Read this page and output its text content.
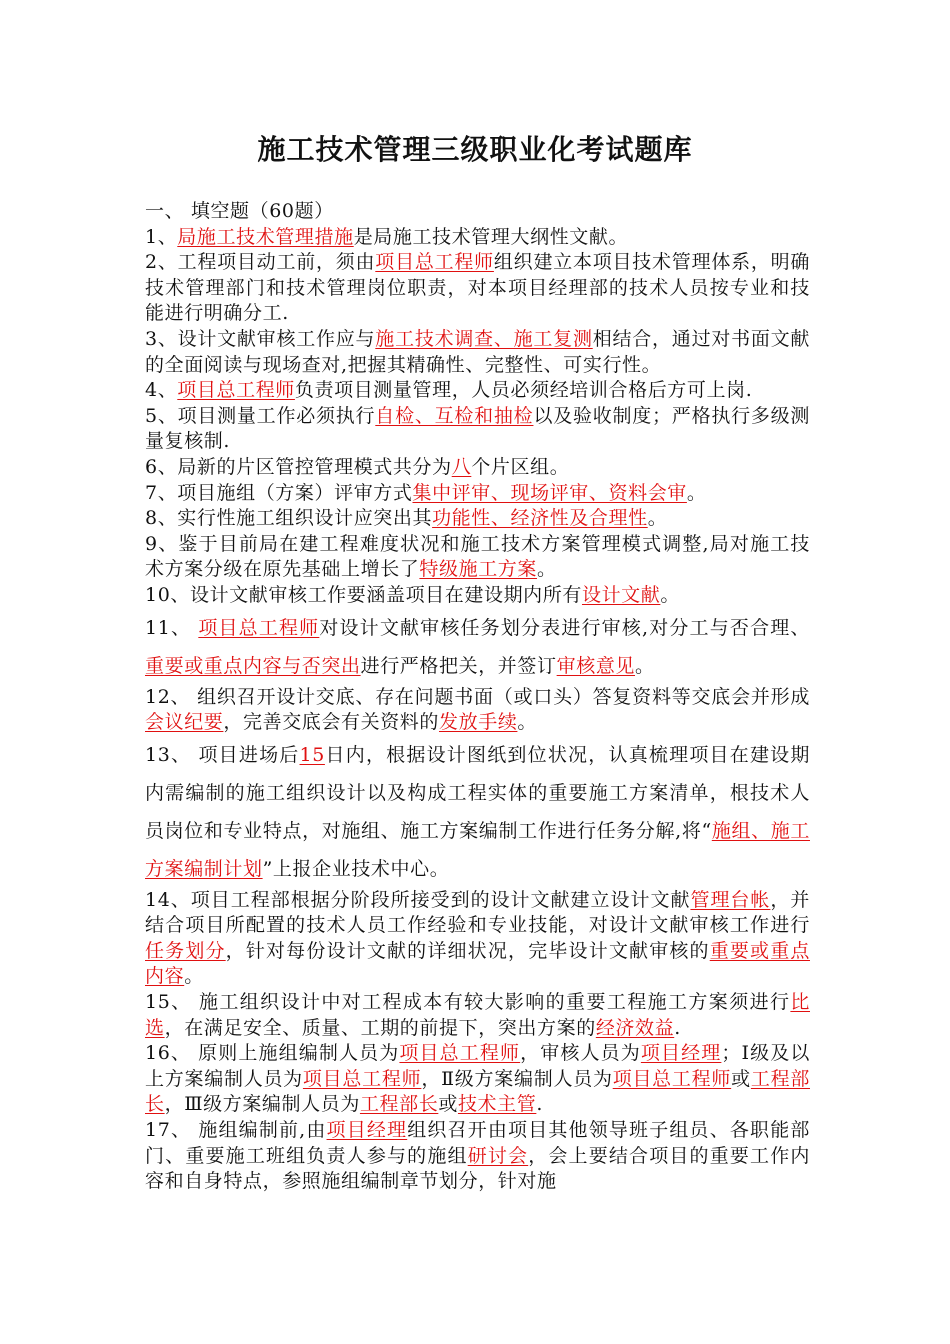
施工技术管理三级职业化考试题库

一、 填空题（60题）

1、局施工技术管理措施是局施工技术管理大纲性文献。

2、工程项目动工前，须由项目总工程师组织建立本项目技术管理体系，明确技术管理部门和技术管理岗位职责，对本项目经理部的技术人员按专业和技能进行明确分工.

3、设计文献审核工作应与施工技术调查、施工复测相结合，通过对书面文献的全面阅读与现场查对,把握其精确性、完整性、可实行性。

4、项目总工程师负责项目测量管理，人员必须经培训合格后方可上岗.

5、项目测量工作必须执行自检、互检和抽检以及验收制度；严格执行多级测量复核制.

6、局新的片区管控管理模式共分为八个片区组。

7、项目施组（方案）评审方式集中评审、现场评审、资料会审。

8、实行性施工组织设计应突出其功能性、经济性及合理性。

9、鉴于目前局在建工程难度状况和施工技术方案管理模式调整,局对施工技术方案分级在原先基础上增长了特级施工方案。

10、设计文献审核工作要涵盖项目在建设期内所有设计文献。

11、 项目总工程师对设计文献审核任务划分表进行审核,对分工与否合理、重要或重点内容与否突出进行严格把关，并签订审核意见。

12、 组织召开设计交底、存在问题书面（或口头）答复资料等交底会并形成会议纪要，完善交底会有关资料的发放手续。

13、 项目进场后15日内，根据设计图纸到位状况，认真梳理项目在建设期内需编制的施工组织设计以及构成工程实体的重要施工方案清单，根技术人员岗位和专业特点，对施组、施工方案编制工作进行任务分解,将“施组、施工方案编制计划”上报企业技术中心。

14、项目工程部根据分阶段所接受到的设计文献建立设计文献管理台帐，并结合项目所配置的技术人员工作经验和专业技能，对设计文献审核工作进行任务划分，针对每份设计文献的详细状况，完毕设计文献审核的重要或重点内容。

15、 施工组织设计中对工程成本有较大影响的重要工程施工方案须进行比选，在满足安全、质量、工期的前提下，突出方案的经济效益.

16、 原则上施组编制人员为项目总工程师，审核人员为项目经理；Ⅰ级及以上方案编制人员为项目总工程师，Ⅱ级方案编制人员为项目总工程师或工程部长，Ⅲ级方案编制人员为工程部长或技术主管.

17、 施组编制前,由项目经理组织召开由项目其他领导班子组员、各职能部门、重要施工班组负责人参与的施组研讨会，会上要结合项目的重要工作内容和自身特点，参照施组编制章节划分，针对施
